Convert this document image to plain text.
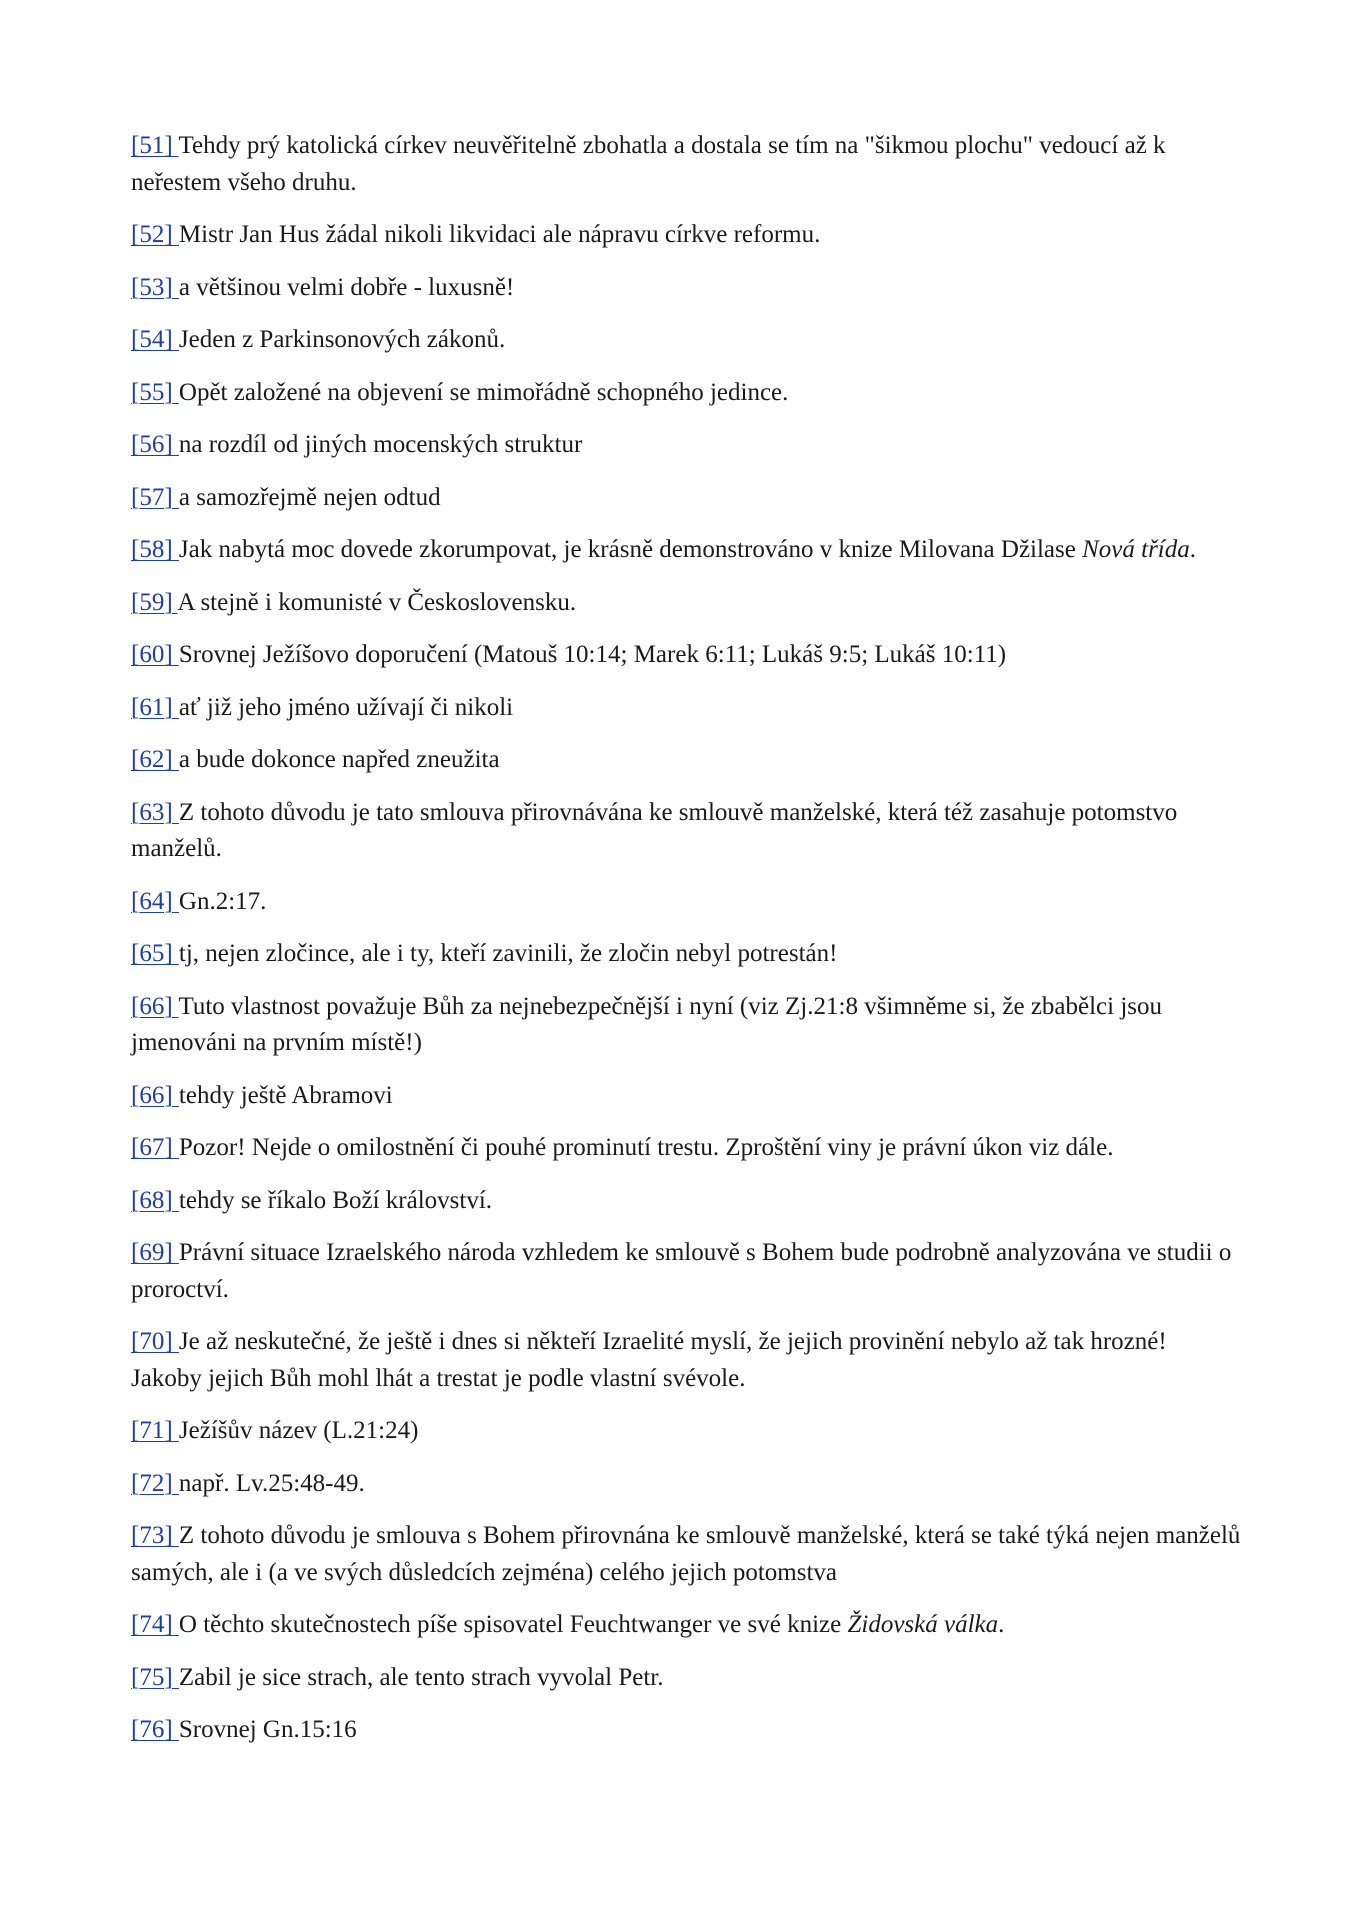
[51] Tehdy prý katolická církev neuvěřitelně zbohatla a dostala se tím na "šikmou plochu" vedoucí až k neřestem všeho druhu.

[52] Mistr Jan Hus žádal nikoli likvidaci ale nápravu církve reformu.

[53] a většinou velmi dobře - luxusně!

[54] Jeden z Parkinsonových zákonů.

[55] Opět založené na objevení se mimořádně schopného jedince.

[56] na rozdíl od jiných mocenských struktur

[57] a samozřejmě nejen odtud

[58] Jak nabytá moc dovede zkorumpovat, je krásně demonstrováno v knize Milovana Džilase Nová třída.

[59] A stejně i komunisté v Československu.

[60] Srovnej Ježíšovo doporučení (Matouš 10:14; Marek 6:11; Lukáš 9:5; Lukáš 10:11)

[61] ať již jeho jméno užívají či nikoli

[62] a bude dokonce napřed zneužita

[63] Z tohoto důvodu je tato smlouva přirovnávána ke smlouvě manželské, která též zasahuje potomstvo manželů.

[64] Gn.2:17.

[65] tj, nejen zločince, ale i ty, kteří zavinili, že zločin nebyl potrestán!

[66] Tuto vlastnost považuje Bůh za nejnebezpečnější i nyní (viz Zj.21:8 všimněme si, že zbabělci jsou jmenováni na prvním místě!)

[66] tehdy ještě Abramovi

[67] Pozor! Nejde o omilostnění či pouhé prominutí trestu. Zproštění viny je právní úkon viz dále.

[68] tehdy se říkalo Boží království.

[69] Právní situace Izraelského národa vzhledem ke smlouvě s Bohem bude podrobně analyzována ve studii o proroctví.

[70] Je až neskutečné, že ještě i dnes si někteří Izraelité myslí, že jejich provinění nebylo až tak hrozné! Jakoby jejich Bůh mohl lhát a trestat je podle vlastní svévole.

[71] Ježíšův název (L.21:24)

[72] např. Lv.25:48-49.

[73] Z tohoto důvodu je smlouva s Bohem přirovnána ke smlouvě manželské, která se také týká nejen manželů samých, ale i (a ve svých důsledcích zejména) celého jejich potomstva

[74] O těchto skutečnostech píše spisovatel Feuchtwanger ve své knize Židovská válka.

[75] Zabil je sice strach, ale tento strach vyvolal Petr.

[76] Srovnej Gn.15:16
